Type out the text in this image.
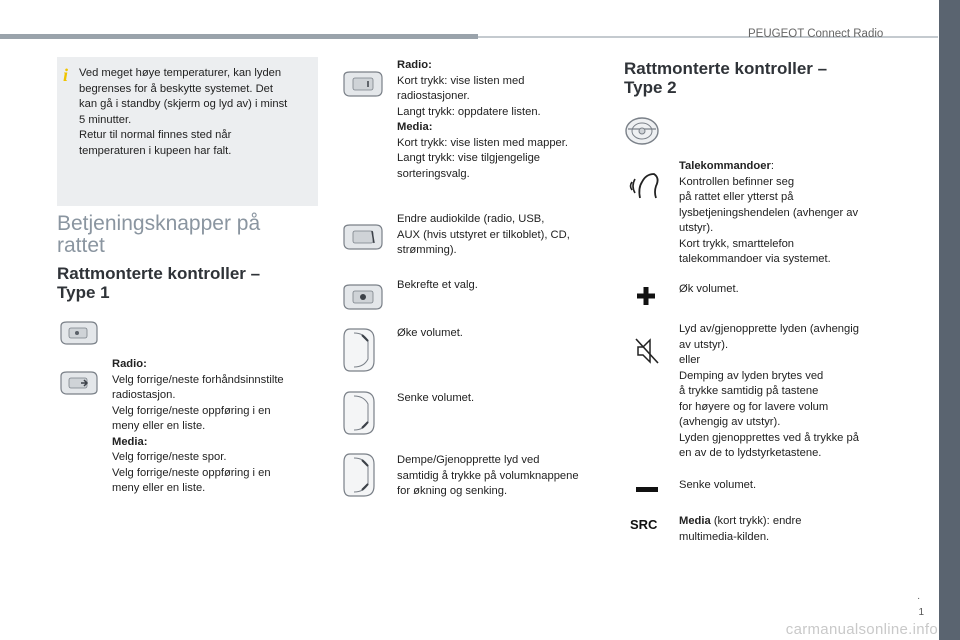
PEUGEOT Connect Radio
i Ved meget høye temperaturer, kan lyden
begrenses for å beskytte systemet. Det
kan gå i standby (skjerm og lyd av) i minst
5 minutter.
Retur til normal finnes sted når
temperaturen i kupeen har falt.
Betjeningsknapper på
rattet
Rattmonterte kontroller –
Type 1
Radio:
Velg forrige/neste forhåndsinnstilte
radiostasjon.
Velg forrige/neste oppføring i en
meny eller en liste.
Media:
Velg forrige/neste spor.
Velg forrige/neste oppføring i en
meny eller en liste.
Radio:
Kort trykk: vise listen med
radiostasjoner.
Langt trykk: oppdatere listen.
Media:
Kort trykk: vise listen med mapper.
Langt trykk: vise tilgjengelige
sorteringsvalg.
Endre audiokilde (radio, USB,
AUX (hvis utstyret er tilkoblet), CD,
strømming).
Bekrefte et valg.
Øke volumet.
Senke volumet.
Dempe/Gjenopprette lyd ved
samtidig å trykke på volumknappene
for økning og senking.
Rattmonterte kontroller –
Type 2
SRC
Talekommandoer:
Kontrollen befinner seg
på rattet eller ytterst på
lysbetjeningshendelen (avhenger av
utstyr).
Kort trykk, smarttelefon
talekommandoer via systemet.
Øk volumet.
Lyd av/gjenopprette lyden (avhengig
av utstyr).
eller
Demping av lyden brytes ved
å trykke samtidig på tastene
for høyere og for lavere volum
(avhengig av utstyr).
Lyden gjenopprettes ved å trykke på
en av de to lydstyrketastene.
Senke volumet.
Media (kort trykk): endre
multimedia-kilden.
.
1
carmanualsonline.info
